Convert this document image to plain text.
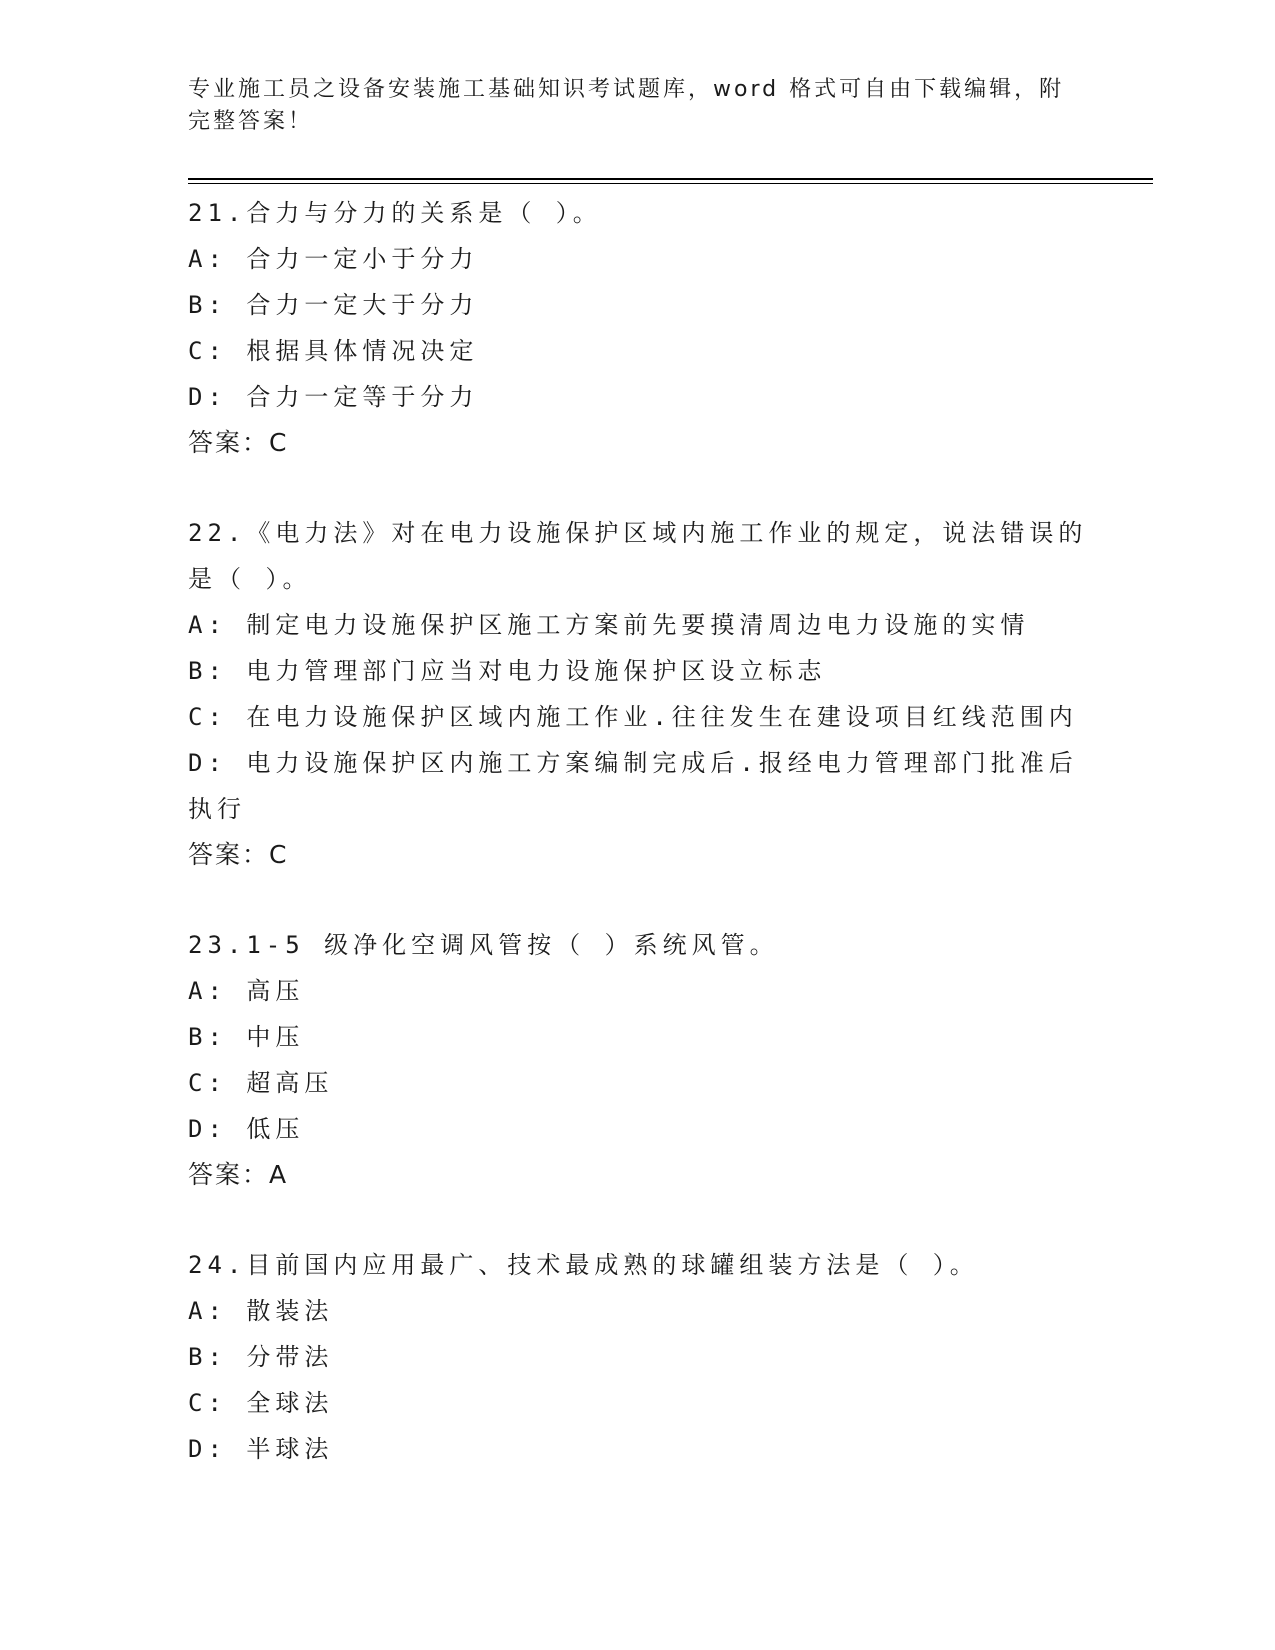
专业施工员之设备安装施工基础知识考试题库，word 格式可自由下载编辑，附完整答案！
21.合力与分力的关系是（ ）。
A: 合力一定小于分力
B: 合力一定大于分力
C: 根据具体情况决定
D: 合力一定等于分力
答案：C
22.《电力法》对在电力设施保护区域内施工作业的规定，说法错误的
是（ ）。
A: 制定电力设施保护区施工方案前先要摸清周边电力设施的实情
B: 电力管理部门应当对电力设施保护区设立标志
C: 在电力设施保护区域内施工作业.往往发生在建设项目红线范围内
D: 电力设施保护区内施工方案编制完成后.报经电力管理部门批准后
执行
答案：C
23.1-5 级净化空调风管按（ ）系统风管。
A: 高压
B: 中压
C: 超高压
D: 低压
答案：A
24.目前国内应用最广、技术最成熟的球罐组装方法是（ ）。
A: 散装法
B: 分带法
C: 全球法
D: 半球法
